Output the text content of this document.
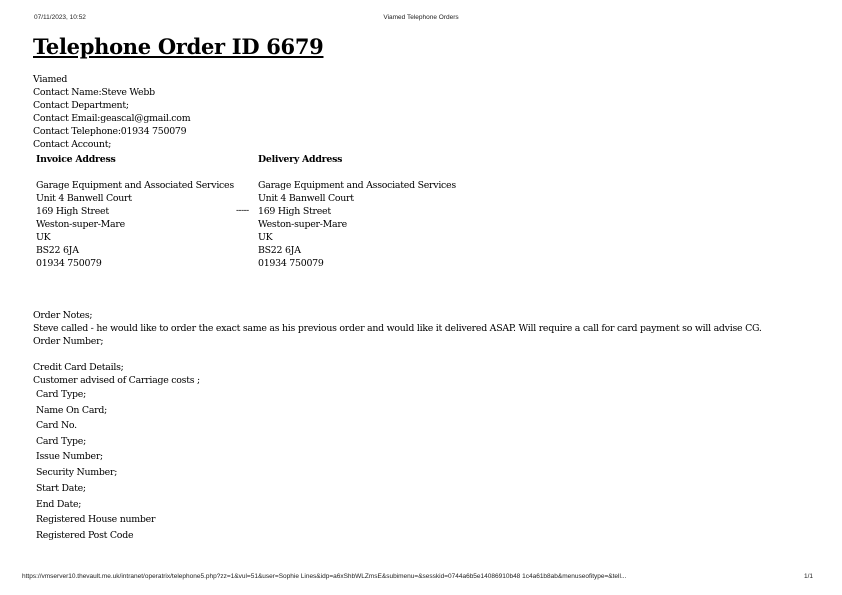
07/11/2023, 10:52	Viamed Telephone Orders
Telephone Order ID 6679
Viamed
Contact Name:Steve Webb
Contact Department;
Contact Email:geascal@gmail.com
Contact Telephone:01934 750079
Contact Account;
Invoice Address
Garage Equipment and Associated Services
Unit 4 Banwell Court
169 High Street
Weston-super-Mare
UK
BS22 6JA
01934 750079
-----
Delivery Address
Garage Equipment and Associated Services
Unit 4 Banwell Court
169 High Street
Weston-super-Mare
UK
BS22 6JA
01934 750079
Order Notes;
Steve called - he would like to order the exact same as his previous order and would like it delivered ASAP. Will require a call for card payment so will advise CG.
Order Number;
Credit Card Details;
Customer advised of Carriage costs ;
Card Type;
Name On Card;
Card No.
Card Type;
Issue Number;
Security Number;
Start Date;
End Date;
Registered House number
Registered Post Code
https://vmserver10.thevault.me.uk/intranet/operatrix/telephone5.php?zz=1&vul=51&user=Sophie Lines&idp=a6xShbWLZmsE&subimenu=&sesskid=0744a6b5e14086910b48 1c4a61b8ab&menuseofitype=&tell...	1/1
